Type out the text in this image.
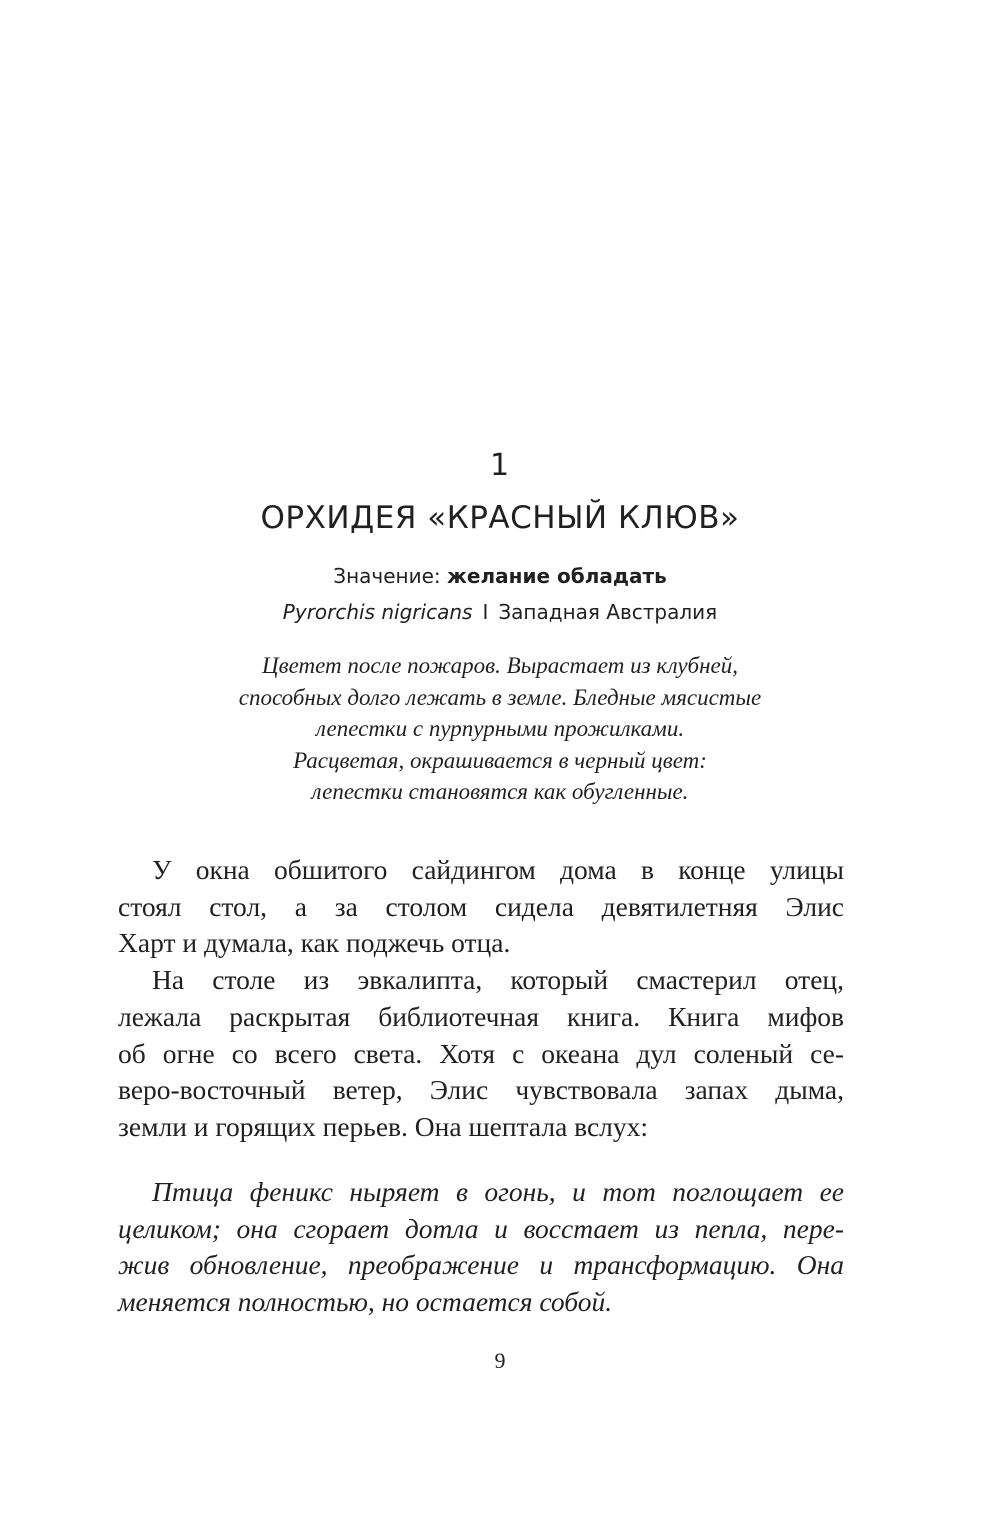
1
ОРХИДЕЯ «КРАСНЫЙ КЛЮВ»
Значение: желание обладать
Pyrorchis nigricans I Западная Австралия
Цветет после пожаров. Вырастает из клубней,
способных долго лежать в земле. Бледные мясистые
лепестки с пурпурными прожилками.
Расцветая, окрашивается в черный цвет:
лепестки становятся как обугленные.

У окна обшитого сайдингом дома в конце улицы
стоял стол, а за столом сидела девятилетняя Элис
Харт и думала, как поджечь отца.

На столе из эвкалипта, который смастерил отец,
лежала раскрытая библиотечная книга. Книга мифов
об огне со всего света. Хотя с океана дул соленый се-
веро-восточный ветер, Элис чувствовала запах дыма,
земли и горящих перьев. Она шептала вслух:

Птица феникс ныряет в огонь, и тот поглощает ее
целиком; она сгорает дотла и восстает из пепла, пере-
жив обновление, преображение и трансформацию. Она
меняется полностью, но остается собой.
9
